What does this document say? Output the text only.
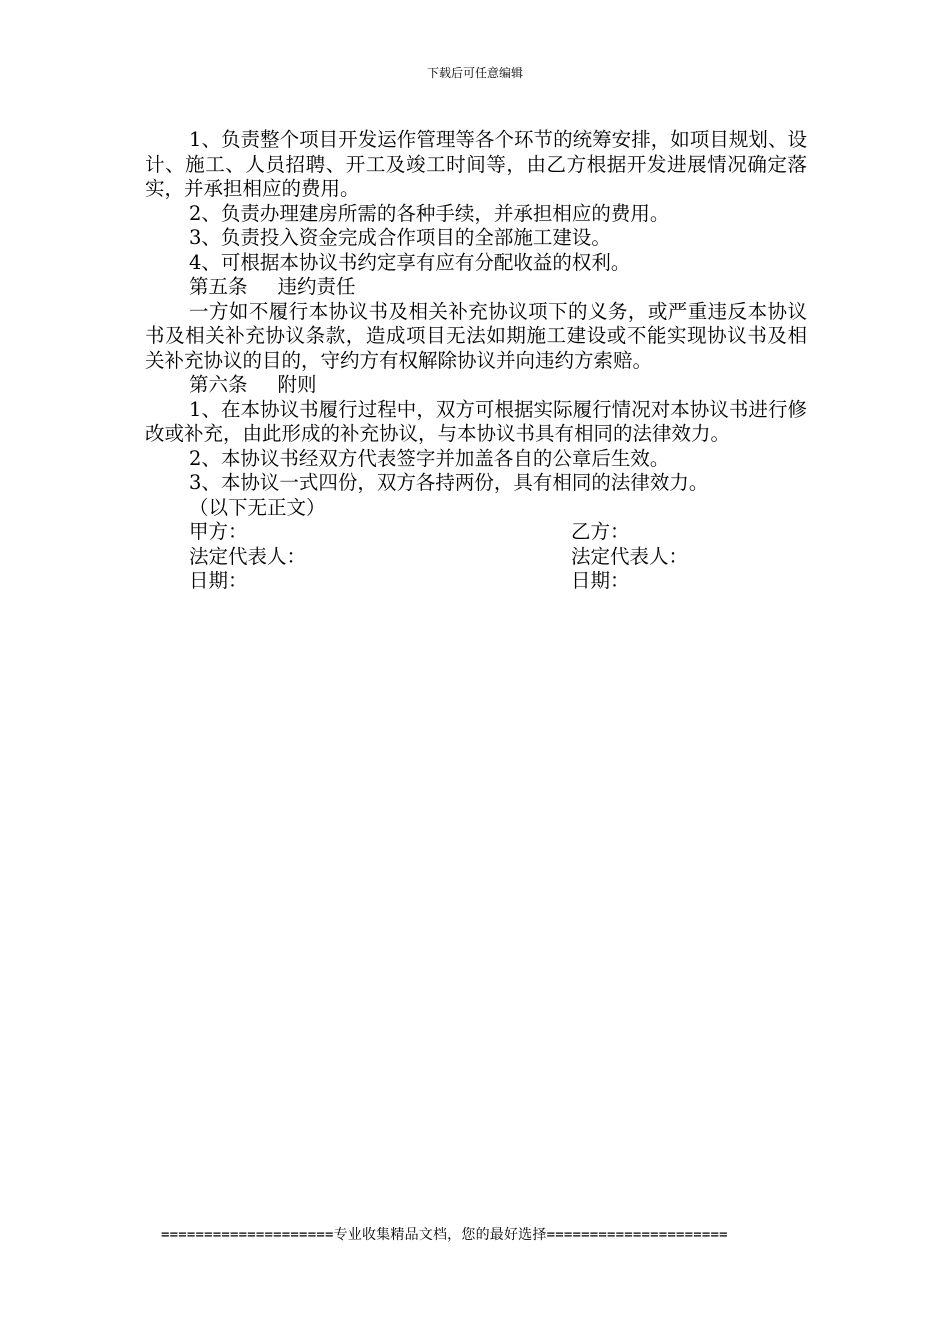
下载后可任意编辑

1、负责整个项目开发运作管理等各个环节的统筹安排，如项目规划、设计、施工、人员招聘、开工及竣工时间等，由乙方根据开发进展情况确定落实，并承担相应的费用。

2、负责办理建房所需的各种手续，并承担相应的费用。

3、负责投入资金完成合作项目的全部施工建设。

4、可根据本协议书约定享有应有分配收益的权利。

第五条 违约责任

一方如不履行本协议书及相关补充协议项下的义务，或严重违反本协议书及相关补充协议条款，造成项目无法如期施工建设或不能实现协议书及相关补充协议的目的，守约方有权解除协议并向违约方索赔。

第六条 附则

1、在本协议书履行过程中，双方可根据实际履行情况对本协议书进行修改或补充，由此形成的补充协议，与本协议书具有相同的法律效力。

2、本协议书经双方代表签字并加盖各自的公章后生效。

3、本协议一式四份，双方各持两份，具有相同的法律效力。

（以下无正文）

甲方：	乙方：
法定代表人：	法定代表人：
日期：	日期：
====================专业收集精品文档，您的最好选择=====================
